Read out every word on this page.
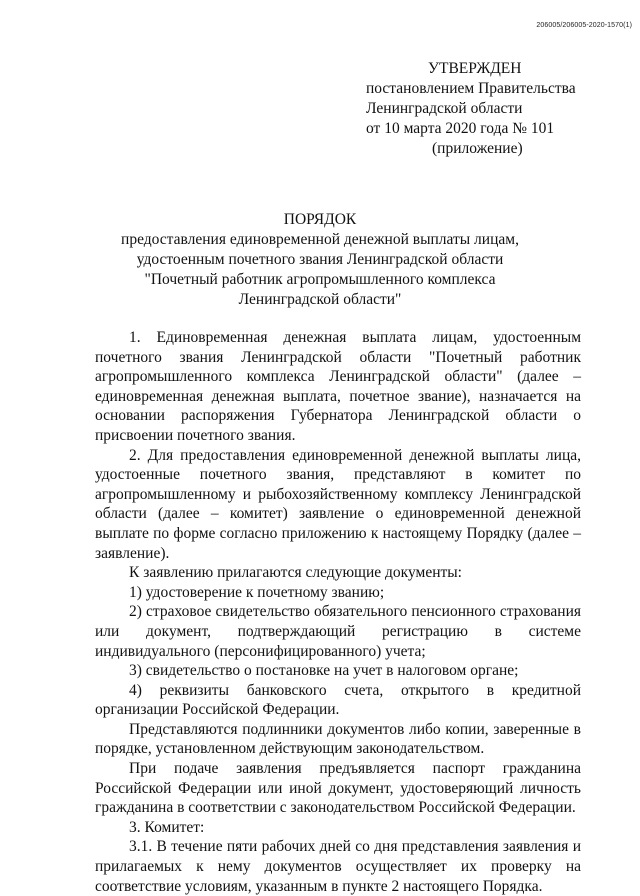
206005/206005-2020-1570(1)
УТВЕРЖДЕН
постановлением Правительства
Ленинградской области
от 10 марта 2020 года № 101
(приложение)
ПОРЯДОК
предоставления единовременной денежной выплаты лицам,
удостоенным почетного звания Ленинградской области
"Почетный работник агропромышленного комплекса
Ленинградской области"

1. Единовременная денежная выплата лицам, удостоенным почетного звания Ленинградской области "Почетный работник агропромышленного комплекса Ленинградской области" (далее – единовременная денежная выплата, почетное звание), назначается на основании распоряжения Губернатора Ленинградской области о присвоении почетного звания.

2. Для предоставления единовременной денежной выплаты лица, удостоенные почетного звания, представляют в комитет по агропромышленному и рыбохозяйственному комплексу Ленинградской области (далее – комитет) заявление о единовременной денежной выплате по форме согласно приложению к настоящему Порядку (далее – заявление).

К заявлению прилагаются следующие документы:

1) удостоверение к почетному званию;

2) страховое свидетельство обязательного пенсионного страхования или документ, подтверждающий регистрацию в системе индивидуального (персонифицированного) учета;

3) свидетельство о постановке на учет в налоговом органе;

4) реквизиты банковского счета, открытого в кредитной организации Российской Федерации.

Представляются подлинники документов либо копии, заверенные в порядке, установленном действующим законодательством.

При подаче заявления предъявляется паспорт гражданина Российской Федерации или иной документ, удостоверяющий личность гражданина в соответствии с законодательством Российской Федерации.

3. Комитет:

3.1. В течение пяти рабочих дней со дня представления заявления и прилагаемых к нему документов осуществляет их проверку на соответствие условиям, указанным в пункте 2 настоящего Порядка.
